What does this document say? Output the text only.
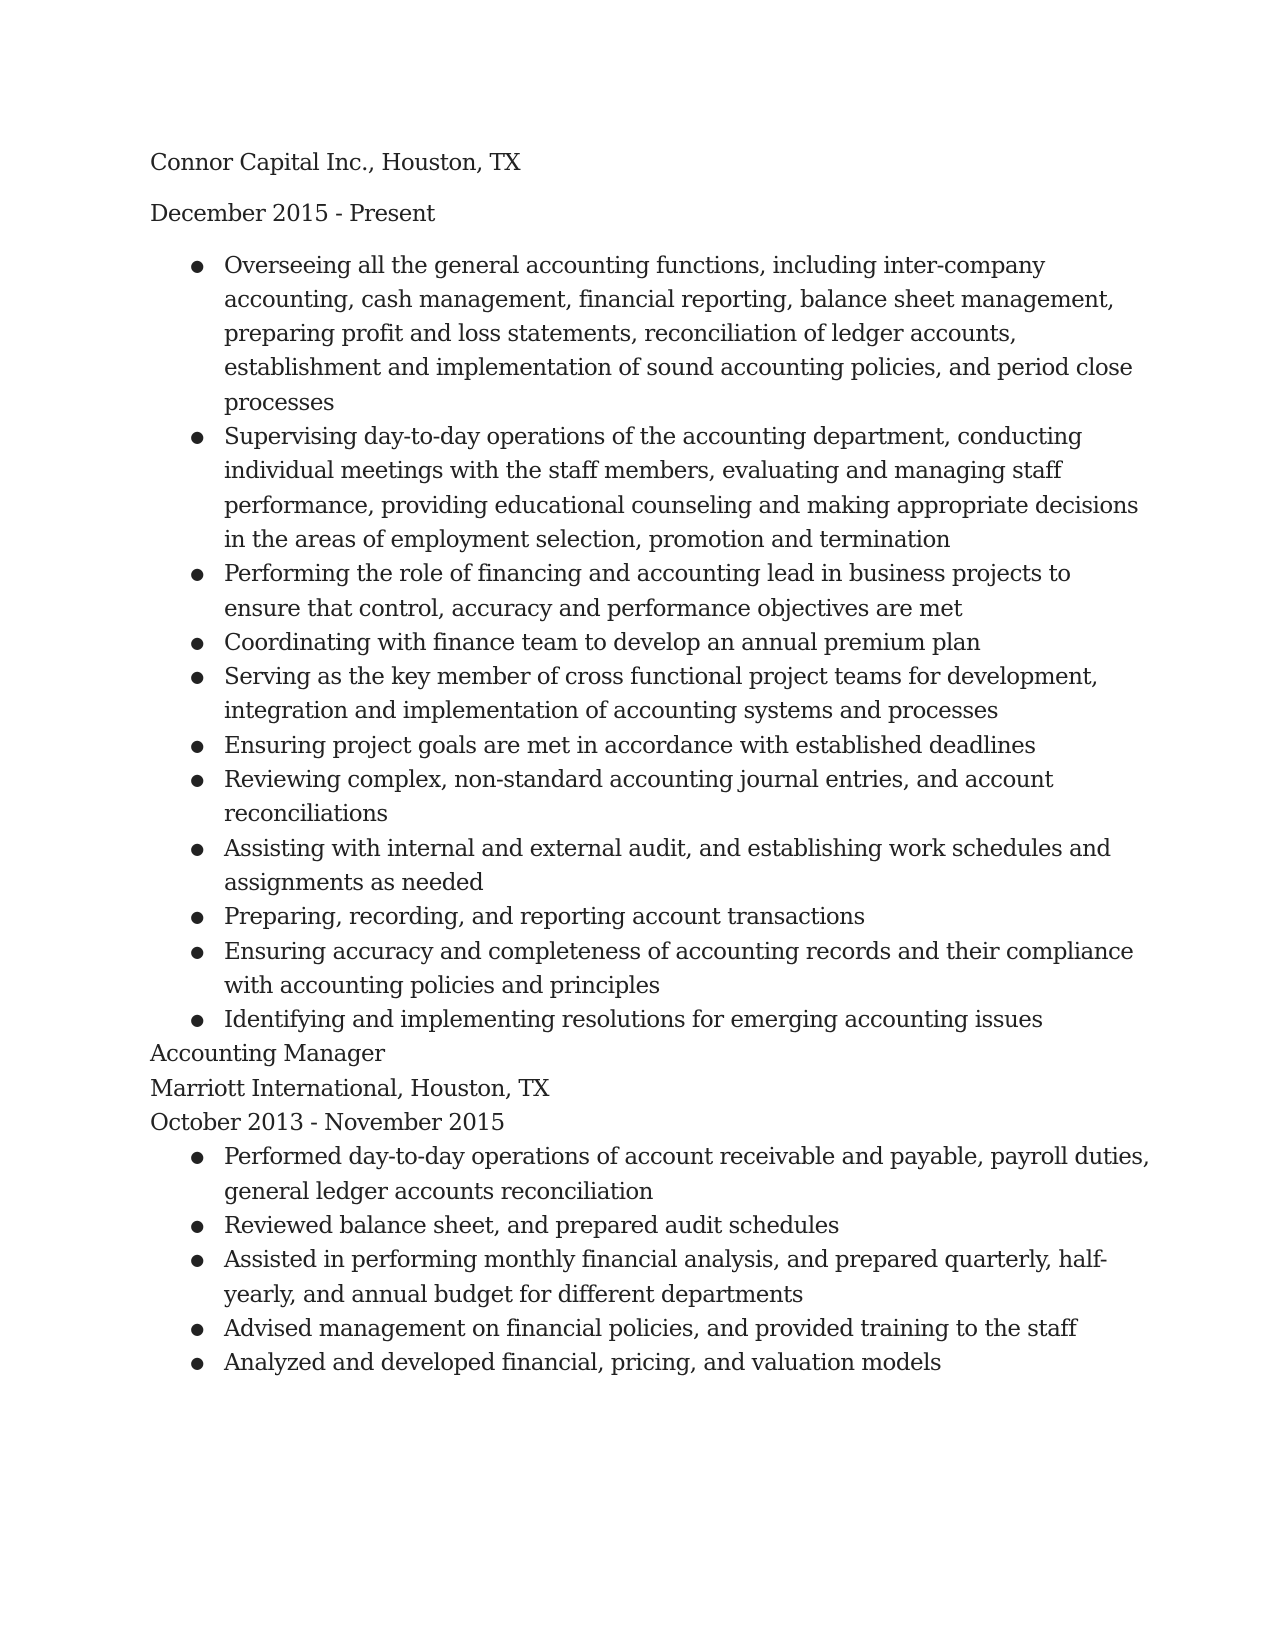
Connor Capital Inc., Houston, TX
December 2015 - Present
● Overseeing all the general accounting functions, including inter-company accounting, cash management, financial reporting, balance sheet management, preparing profit and loss statements, reconciliation of ledger accounts, establishment and implementation of sound accounting policies, and period close processes
● Supervising day-to-day operations of the accounting department, conducting individual meetings with the staff members, evaluating and managing staff performance, providing educational counseling and making appropriate decisions in the areas of employment selection, promotion and termination
● Performing the role of financing and accounting lead in business projects to ensure that control, accuracy and performance objectives are met
● Coordinating with finance team to develop an annual premium plan
● Serving as the key member of cross functional project teams for development, integration and implementation of accounting systems and processes
● Ensuring project goals are met in accordance with established deadlines
● Reviewing complex, non-standard accounting journal entries, and account reconciliations
● Assisting with internal and external audit, and establishing work schedules and assignments as needed
● Preparing, recording, and reporting account transactions
● Ensuring accuracy and completeness of accounting records and their compliance with accounting policies and principles
● Identifying and implementing resolutions for emerging accounting issues
Accounting Manager
Marriott International, Houston, TX
October 2013 - November 2015
● Performed day-to-day operations of account receivable and payable, payroll duties, general ledger accounts reconciliation
● Reviewed balance sheet, and prepared audit schedules
● Assisted in performing monthly financial analysis, and prepared quarterly, half-yearly, and annual budget for different departments
● Advised management on financial policies, and provided training to the staff
● Analyzed and developed financial, pricing, and valuation models
